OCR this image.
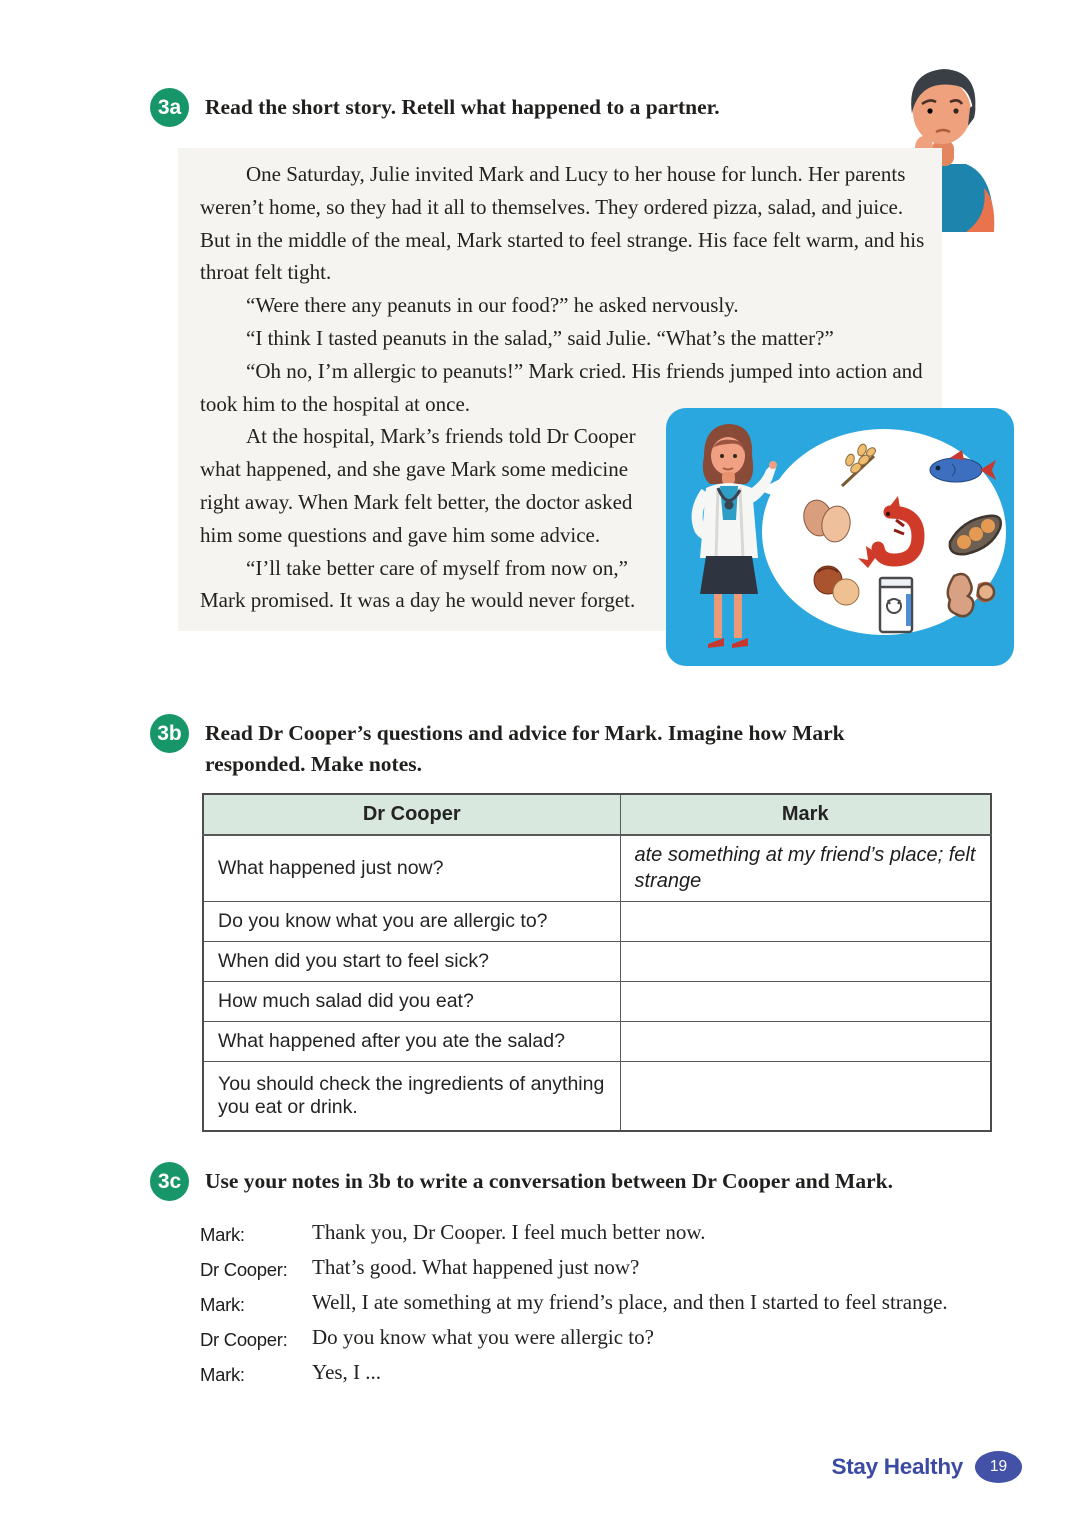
3a	Read the short story. Retell what happened to a partner.

One Saturday, Julie invited Mark and Lucy to her house for lunch. Her parents weren’t home, so they had it all to themselves. They ordered pizza, salad, and juice. But in the middle of the meal, Mark started to feel strange. His face felt warm, and his throat felt tight.

“Were there any peanuts in our food?” he asked nervously.

“I think I tasted peanuts in the salad,” said Julie. “What’s the matter?”

“Oh no, I’m allergic to peanuts!” Mark cried. His friends jumped into action and took him to the hospital at once.

At the hospital, Mark’s friends told Dr Cooper what happened, and she gave Mark some medicine right away. When Mark felt better, the doctor asked him some questions and gave him some advice.

“I’ll take better care of myself from now on,” Mark promised. It was a day he would never forget.

3b	Read Dr Cooper’s questions and advice for Mark. Imagine how Mark responded. Make notes.
Dr Cooper	Mark
What happened just now?	ate something at my friend’s place; felt strange
Do you know what you are allergic to?	
When did you start to feel sick?	
How much salad did you eat?	
What happened after you ate the salad?	
You should check the ingredients of anything you eat or drink.	
3c	Use your notes in 3b to write a conversation between Dr Cooper and Mark.
Mark:	Thank you, Dr Cooper. I feel much better now.
Dr Cooper:	That’s good. What happened just now?
Mark:	Well, I ate something at my friend’s place, and then I started to feel strange.
Dr Cooper:	Do you know what you were allergic to?
Mark:	Yes, I ...
Stay Healthy	19
